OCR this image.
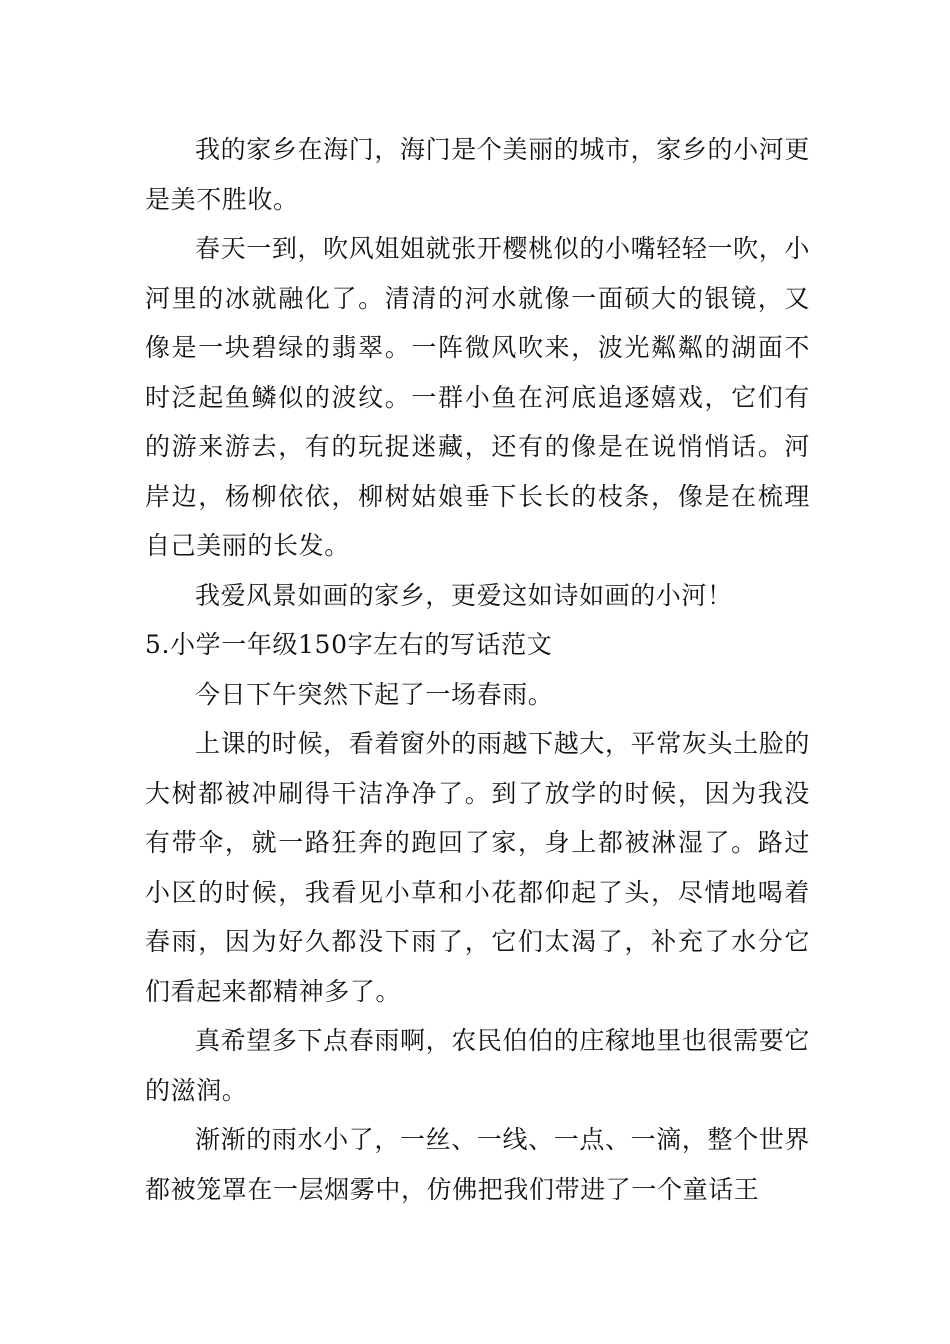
我的家乡在海门，海门是个美丽的城市，家乡的小河更是美不胜收。

春天一到，吹风姐姐就张开樱桃似的小嘴轻轻一吹，小河里的冰就融化了。清清的河水就像一面硕大的银镜，又像是一块碧绿的翡翠。一阵微风吹来，波光粼粼的湖面不时泛起鱼鳞似的波纹。一群小鱼在河底追逐嬉戏，它们有的游来游去，有的玩捉迷藏，还有的像是在说悄悄话。河岸边，杨柳依依，柳树姑娘垂下长长的枝条，像是在梳理自己美丽的长发。

我爱风景如画的家乡，更爱这如诗如画的小河！

5.小学一年级150字左右的写话范文

今日下午突然下起了一场春雨。

上课的时候，看着窗外的雨越下越大，平常灰头土脸的大树都被冲刷得干洁净净了。到了放学的时候，因为我没有带伞，就一路狂奔的跑回了家，身上都被淋湿了。路过小区的时候，我看见小草和小花都仰起了头，尽情地喝着春雨，因为好久都没下雨了，它们太渴了，补充了水分它们看起来都精神多了。

真希望多下点春雨啊，农民伯伯的庄稼地里也很需要它的滋润。

渐渐的雨水小了，一丝、一线、一点、一滴，整个世界都被笼罩在一层烟雾中，仿佛把我们带进了一个童话王
